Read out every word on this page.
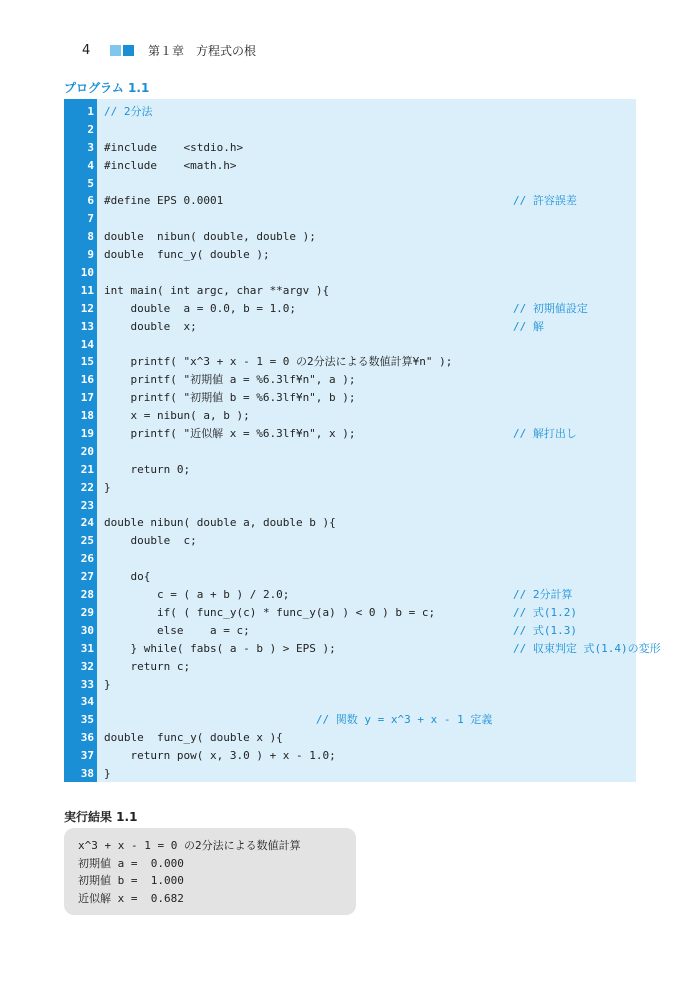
4	第１章　方程式の根
プログラム 1.1
1 // 2分法
2
3 #include    <stdio.h>
4 #include    <math.h>
5
6 #define EPS 0.0001	// 許容誤差
7
8 double  nibun( double, double );
9 double  func_y( double );
10
11 int main( int argc, char **argv ){
12 double  a = 0.0, b = 1.0;	// 初期値設定
13 double  x;	// 解
14
15 printf( "x^3 + x - 1 = 0 の2分法による数値計算¥n" );
16 printf( "初期値 a = %6.3lf¥n", a );
17 printf( "初期値 b = %6.3lf¥n", b );
18 x = nibun( a, b );
19 printf( "近似解 x = %6.3lf¥n", x );	// 解打出し
20
21 return 0;
22 }
23
24 double nibun( double a, double b ){
25 double  c;
26
27 do{
28 c = ( a + b ) / 2.0;	// 2分計算
29 if( ( func_y(c) * func_y(a) ) < 0 ) b = c;	// 式(1.2)
30 else    a = c;	// 式(1.3)
31 } while( fabs( a - b ) > EPS );	// 収束判定 式(1.4)の変形
32 return c;
33 }
34
35 // 関数 y = x^3 + x - 1 定義
36 double  func_y( double x ){
37 return pow( x, 3.0 ) + x - 1.0;
38 }
実行結果 1.1
x^3 + x - 1 = 0 の2分法による数値計算
初期値 a =  0.000
初期値 b =  1.000
近似解 x =  0.682
